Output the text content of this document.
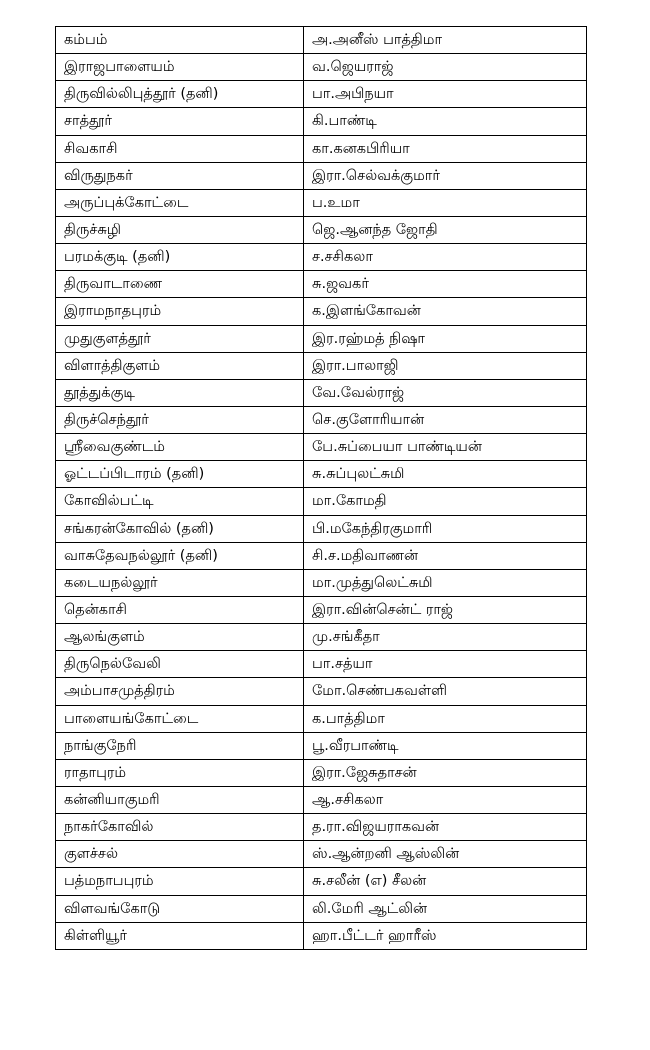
கம்பம்	அ.அனீஸ் பாத்திமா
இராஜபாளையம்	வ.ஜெயராஜ்
திருவில்லிபுத்தூர் (தனி)	பா.அபிநயா
சாத்தூர்	கி.பாண்டி
சிவகாசி	கா.கனகபிரியா
விருதுநகர்	இரா.செல்வக்குமார்
அருப்புக்கோட்டை	ப.உமா
திருச்சுழி	ஜெ.ஆனந்த ஜோதி
பரமக்குடி (தனி)	ச.சசிகலா
திருவாடாணை	சு.ஜவகர்
இராமநாதபுரம்	க.இளங்கோவன்
முதுகுளத்தூர்	இர.ரஹ்மத் நிஷா
விளாத்திகுளம்	இரா.பாலாஜி
தூத்துக்குடி	வே.வேல்ராஜ்
திருச்செந்தூர்	செ.குளோரியான்
ஸ்ரீவைகுண்டம்	பே.சுப்பையா பாண்டியன்
ஓட்டப்பிடாரம் (தனி)	சு.சுப்புலட்சுமி
கோவில்பட்டி	மா.கோமதி
சங்கரன்கோவில் (தனி)	பி.மகேந்திரகுமாரி
வாசுதேவநல்லூர் (தனி)	சி.ச.மதிவாணன்
கடையநல்லூர்	மா.முத்துலெட்சுமி
தென்காசி	இரா.வின்சென்ட் ராஜ்
ஆலங்குளம்	மு.சங்கீதா
திருநெல்வேலி	பா.சத்யா
அம்பாசமுத்திரம்	மோ.செண்பகவள்ளி
பாளையங்கோட்டை	க.பாத்திமா
நாங்குநேரி	பூ.வீரபாண்டி
ராதாபுரம்	இரா.ஜேசுதாசன்
கன்னியாகுமரி	ஆ.சசிகலா
நாகர்கோவில்	த.ரா.விஜயராகவன்
குளச்சல்	ஸ்.ஆன்றனி ஆஸ்லின்
பத்மநாபபுரம்	சு.சலீன் (எ) சீலன்
விளவங்கோடு	லி.மேரி ஆட்லின்
கிள்ளியூர்	ஹா.பீட்டர் ஹாரீஸ்
